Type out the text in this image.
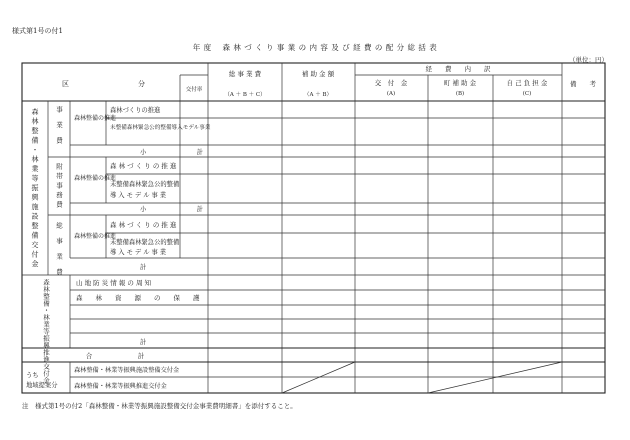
様式第1号の付1
年 度　 森 林 づ く り 事 業 の 内 容 及 び 経 費 の 配 分 総 括 表
（単位：円）
区	分
交付率
総 事 業 費
（A ＋ B ＋ C）
補 助 金 額
（A ＋ B）
経　　費　　内　　訳
交　付　金
(A)
町 補 助 金
(B)
自 己 負 担 金
(C)
備　　考
森林整備・林業等振興施設整備交付金 事業費
附帯事務費
総事業費
森林整備・林業等振興推進交付金
森林整備の推進
森林づくりの推進
未整備森林緊急公的整備導入モデル事業
小　　　　　　　　計
森林整備の推進
森 林 づ く り の 推 進
未整備森林緊急公的整備
導 入 モ デ ル 事 業
小　　　　　　　　計
森林整備の推進
森 林 づ く り の 推 進
未整備森林緊急公的整備
導 入 モ デ ル 事 業
計
山 地 防 災 情 報 の 周 知
森　　林　　資　　源　　の　　保　　護
計
合　　　　　　　計
うち
地域提案分
森林整備・林業等振興施設整備交付金
森林整備・林業等振興推進交付金
注　様式第1号の付2「森林整備・林業等振興施設整備交付金事業費明細書」を添付すること。
